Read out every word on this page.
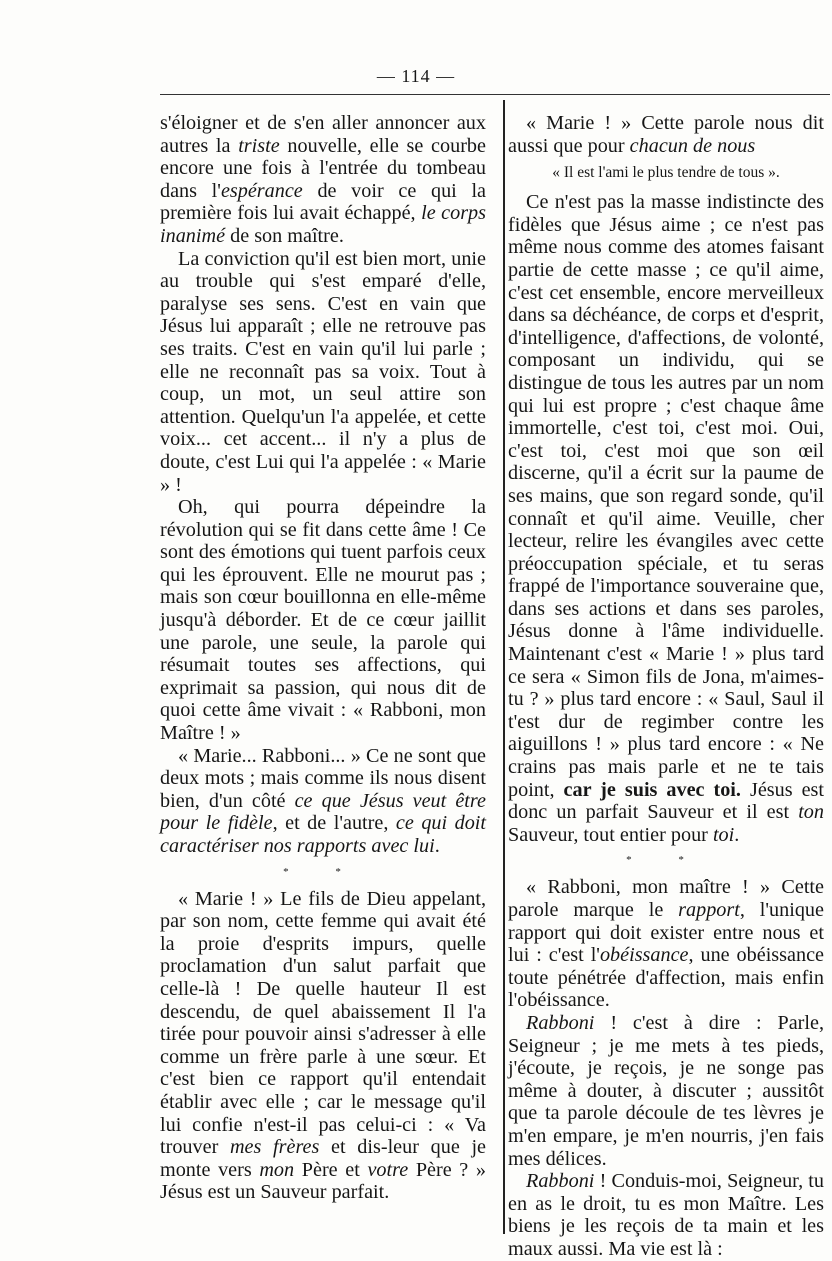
— 114 —

s'éloigner et de s'en aller annoncer aux autres la triste nouvelle, elle se courbe encore une fois à l'entrée du tombeau dans l'espérance de voir ce qui la première fois lui avait échappé, le corps inanimé de son maître.

La conviction qu'il est bien mort, unie au trouble qui s'est emparé d'elle, paralyse ses sens. C'est en vain que Jésus lui apparaît ; elle ne retrouve pas ses traits. C'est en vain qu'il lui parle ; elle ne reconnaît pas sa voix. Tout à coup, un mot, un seul attire son attention. Quelqu'un l'a appelée, et cette voix... cet accent... il n'y a plus de doute, c'est Lui qui l'a appelée : « Marie » !

Oh, qui pourra dépeindre la révolution qui se fit dans cette âme ! Ce sont des émotions qui tuent parfois ceux qui les éprouvent. Elle ne mourut pas ; mais son cœur bouillonna en elle-même jusqu'à déborder. Et de ce cœur jaillit une parole, une seule, la parole qui résumait toutes ses affections, qui exprimait sa passion, qui nous dit de quoi cette âme vivait : « Rabboni, mon Maître ! »

« Marie... Rabboni... » Ce ne sont que deux mots ; mais comme ils nous disent bien, d'un côté ce que Jésus veut être pour le fidèle, et de l'autre, ce qui doit caractériser nos rapports avec lui.

* *

« Marie ! » Le fils de Dieu appelant, par son nom, cette femme qui avait été la proie d'esprits impurs, quelle proclamation d'un salut parfait que celle-là ! De quelle hauteur Il est descendu, de quel abaissement Il l'a tirée pour pouvoir ainsi s'adresser à elle comme un frère parle à une sœur. Et c'est bien ce rapport qu'il entendait établir avec elle ; car le message qu'il lui confie n'est-il pas celui-ci : « Va trouver mes frères et dis-leur que je monte vers mon Père et votre Père ? » Jésus est un Sauveur parfait.

« Marie ! » Cette parole nous dit aussi que pour chacun de nous

« Il est l'ami le plus tendre de tous ».

Ce n'est pas la masse indistincte des fidèles que Jésus aime ; ce n'est pas même nous comme des atomes faisant partie de cette masse ; ce qu'il aime, c'est cet ensemble, encore merveilleux dans sa déchéance, de corps et d'esprit, d'intelligence, d'affections, de volonté, composant un individu, qui se distingue de tous les autres par un nom qui lui est propre ; c'est chaque âme immortelle, c'est toi, c'est moi. Oui, c'est toi, c'est moi que son œil discerne, qu'il a écrit sur la paume de ses mains, que son regard sonde, qu'il connaît et qu'il aime. Veuille, cher lecteur, relire les évangiles avec cette préoccupation spéciale, et tu seras frappé de l'importance souveraine que, dans ses actions et dans ses paroles, Jésus donne à l'âme individuelle. Maintenant c'est « Marie ! » plus tard ce sera « Simon fils de Jona, m'aimes-tu ? » plus tard encore : « Saul, Saul il t'est dur de regimber contre les aiguillons ! » plus tard encore : « Ne crains pas mais parle et ne te tais point, car je suis avec toi. Jésus est donc un parfait Sauveur et il est ton Sauveur, tout entier pour toi.

* *

« Rabboni, mon maître ! » Cette parole marque le rapport, l'unique rapport qui doit exister entre nous et lui : c'est l'obéissance, une obéissance toute pénétrée d'affection, mais enfin l'obéissance.

Rabboni ! c'est à dire : Parle, Seigneur ; je me mets à tes pieds, j'écoute, je reçois, je ne songe pas même à douter, à discuter ; aussitôt que ta parole découle de tes lèvres je m'en empare, je m'en nourris, j'en fais mes délices.

Rabboni ! Conduis-moi, Seigneur, tu en as le droit, tu es mon Maître. Les biens je les reçois de ta main et les maux aussi. Ma vie est là :
